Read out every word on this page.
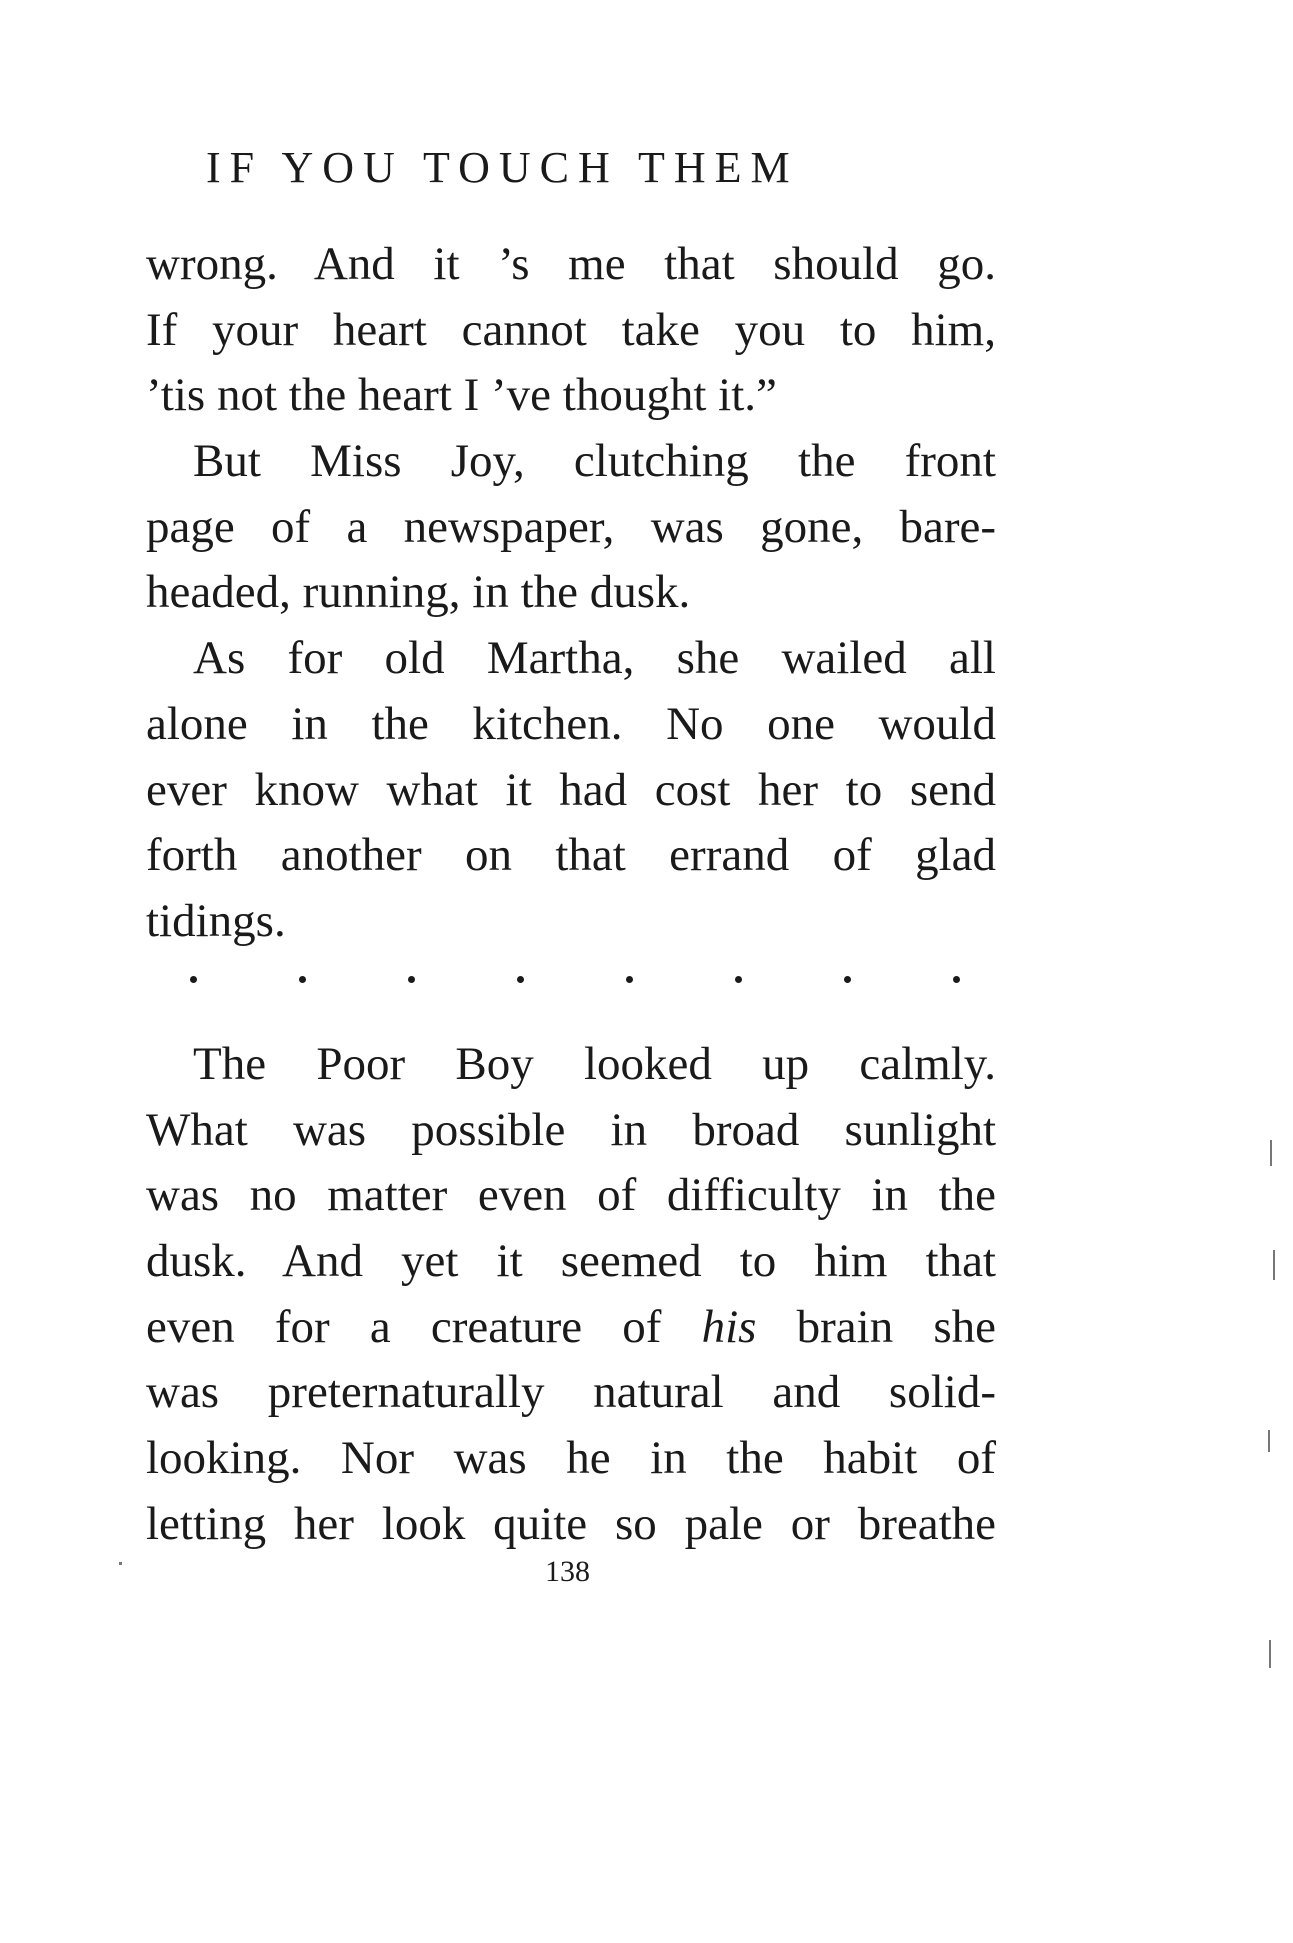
IF YOU TOUCH THEM
wrong. And it ’s me that should go.
If your heart cannot take you to him,
’tis not the heart I ’ve thought it.”
But Miss Joy, clutching the front
page of a newspaper, was gone, bare-
headed, running, in the dusk.
As for old Martha, she wailed all
alone in the kitchen. No one would
ever know what it had cost her to send
forth another on that errand of glad
tidings.
The Poor Boy looked up calmly.
What was possible in broad sunlight
was no matter even of difficulty in the
dusk. And yet it seemed to him that
even for a creature of his brain she
was preternaturally natural and solid-
looking. Nor was he in the habit of
letting her look quite so pale or breathe
138
